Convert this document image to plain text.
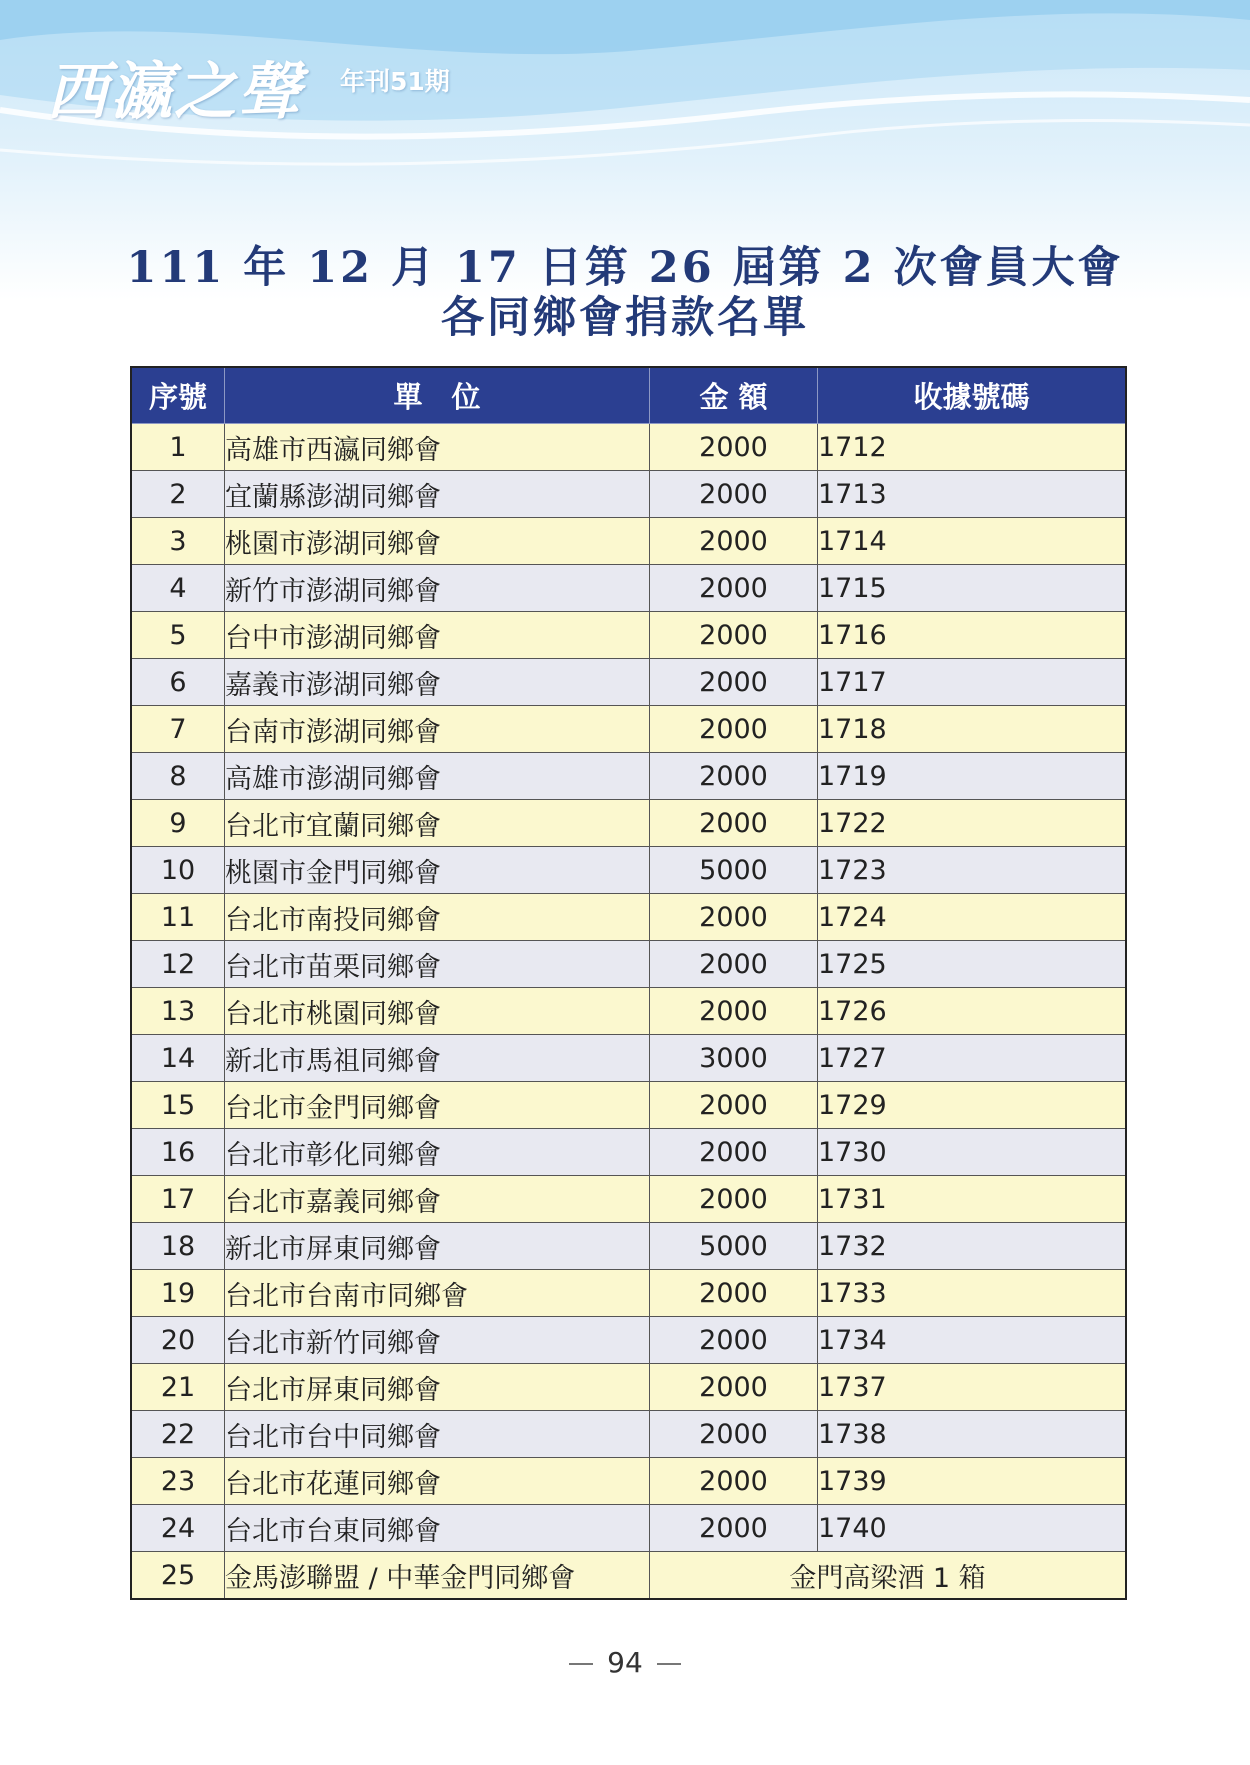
西瀛之聲 年刊51期
111 年 12 月 17 日第 26 屆第 2 次會員大會
各同鄉會捐款名單
序號	單　位	金 額	收據號碼
1	高雄市西瀛同鄉會	2000	1712
2	宜蘭縣澎湖同鄉會	2000	1713
3	桃園市澎湖同鄉會	2000	1714
4	新竹市澎湖同鄉會	2000	1715
5	台中市澎湖同鄉會	2000	1716
6	嘉義市澎湖同鄉會	2000	1717
7	台南市澎湖同鄉會	2000	1718
8	高雄市澎湖同鄉會	2000	1719
9	台北市宜蘭同鄉會	2000	1722
10	桃園市金門同鄉會	5000	1723
11	台北市南投同鄉會	2000	1724
12	台北市苗栗同鄉會	2000	1725
13	台北市桃園同鄉會	2000	1726
14	新北市馬祖同鄉會	3000	1727
15	台北市金門同鄉會	2000	1729
16	台北市彰化同鄉會	2000	1730
17	台北市嘉義同鄉會	2000	1731
18	新北市屏東同鄉會	5000	1732
19	台北市台南市同鄉會	2000	1733
20	台北市新竹同鄉會	2000	1734
21	台北市屏東同鄉會	2000	1737
22	台北市台中同鄉會	2000	1738
23	台北市花蓮同鄉會	2000	1739
24	台北市台東同鄉會	2000	1740
25	金馬澎聯盟 / 中華金門同鄉會	金門高梁酒 1 箱	
94
